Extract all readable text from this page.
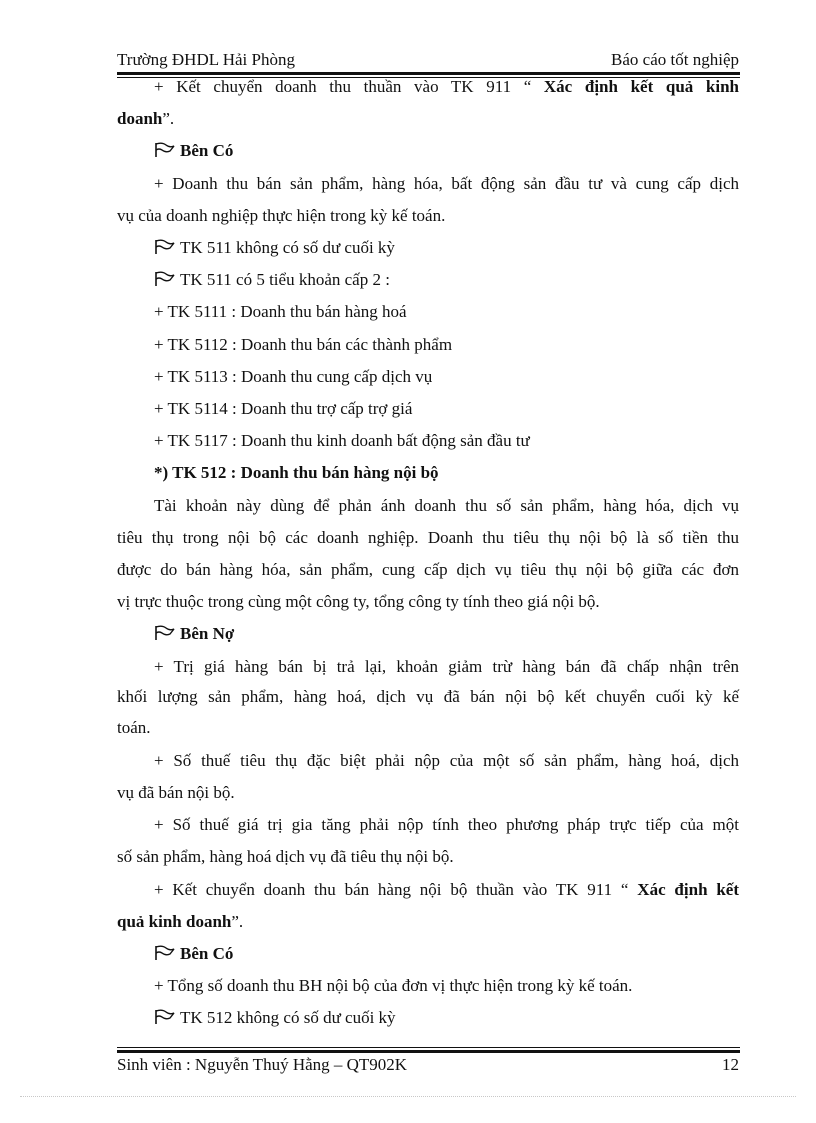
Trường ĐHDL Hải Phòng	Báo cáo tốt nghiệp

+ Kết chuyển doanh thu thuần vào TK 911 “ Xác định kết quả kinh

doanh”.

Bên Có

+ Doanh thu bán sản phẩm, hàng hóa, bất động sản đầu tư và cung cấp dịch

vụ của doanh nghiệp thực hiện trong kỳ kế toán.

TK 511 không có số dư cuối kỳ

TK 511 có 5 tiểu khoản cấp 2 :

+ TK 5111 : Doanh thu bán hàng hoá

+ TK 5112 : Doanh thu bán các thành phẩm

+ TK 5113 : Doanh thu cung cấp dịch vụ

+ TK 5114 : Doanh thu trợ cấp trợ giá

+ TK 5117 : Doanh thu kinh doanh bất động sản đầu tư

*) TK 512 : Doanh thu bán hàng nội bộ

Tài khoản này dùng để phản ánh doanh thu số sản phẩm, hàng hóa, dịch vụ

tiêu thụ trong nội bộ các doanh nghiệp. Doanh thu tiêu thụ nội bộ là số tiền thu

được do bán hàng hóa, sản phẩm, cung cấp dịch vụ tiêu thụ nội bộ giữa các đơn

vị trực thuộc trong cùng một công ty, tổng công ty tính theo giá nội bộ.

Bên Nợ

+ Trị giá hàng bán bị trả lại, khoản giảm trừ hàng bán đã chấp nhận trên

khối lượng sản phẩm, hàng hoá, dịch vụ đã bán nội bộ kết chuyển cuối kỳ kế

toán.

+ Số thuế tiêu thụ đặc biệt phải nộp của một số sản phẩm, hàng hoá, dịch

vụ đã bán nội bộ.

+ Số thuế giá trị gia tăng phải nộp tính theo phương pháp trực tiếp của một

số sản phẩm, hàng hoá dịch vụ đã tiêu thụ nội bộ.

+ Kết chuyển doanh thu bán hàng nội bộ thuần vào TK 911 “ Xác định kết

quả kinh doanh”.

Bên Có

+ Tổng số doanh thu BH nội bộ của đơn vị thực hiện trong kỳ kế toán.

TK 512 không có số dư cuối kỳ

Sinh viên : Nguyễn Thuý Hằng – QT902K	12
